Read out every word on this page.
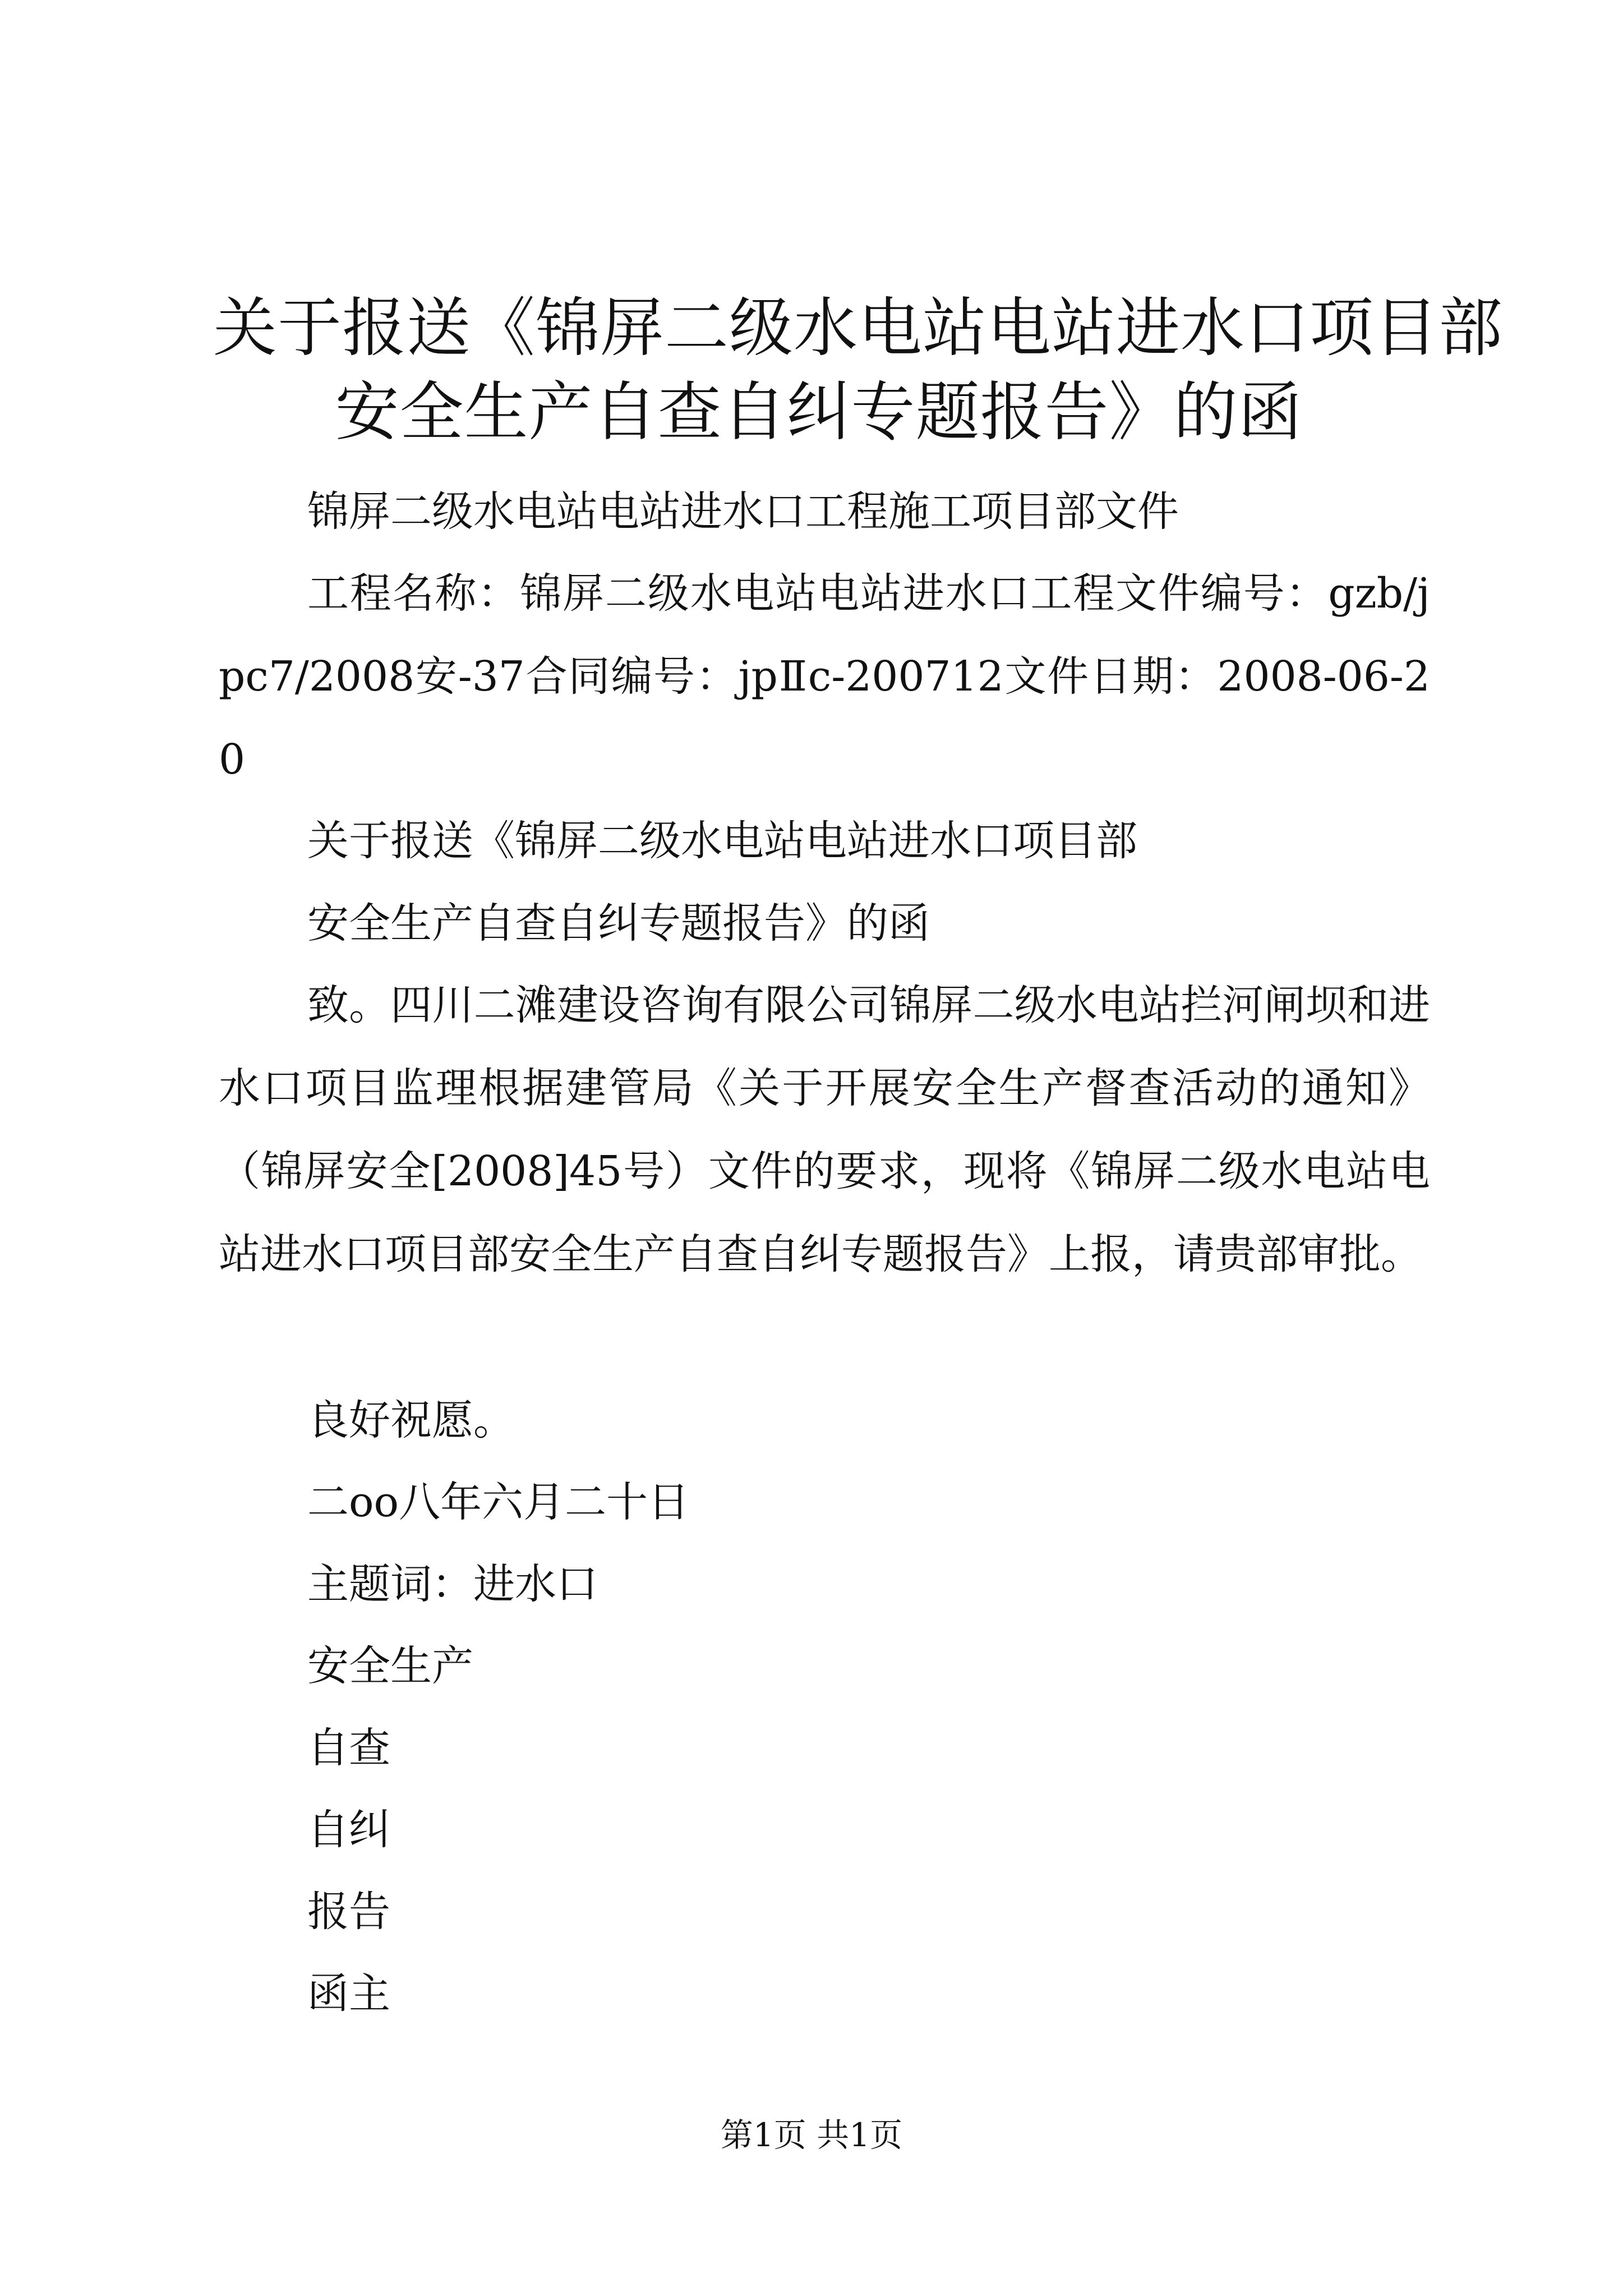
关于报送《锦屏二级水电站电站进水口项目部
安全生产自查自纠专题报告》的函
锦屏二级水电站电站进水口工程施工项目部文件
工程名称：锦屏二级水电站电站进水口工程文件编号：gzb/jpc7/2008安-37合同编号：jpⅡc-200712文件日期：2008-06-20
关于报送《锦屏二级水电站电站进水口项目部
安全生产自查自纠专题报告》的函
致。四川二滩建设咨询有限公司锦屏二级水电站拦河闸坝和进水口项目监理根据建管局《关于开展安全生产督查活动的通知》（锦屏安全[2008]45号）文件的要求，现将《锦屏二级水电站电站进水口项目部安全生产自查自纠专题报告》上报，请贵部审批。
良好祝愿。
二oo八年六月二十日
主题词：进水口
安全生产
自查
自纠
报告
函主
第1页 共1页
